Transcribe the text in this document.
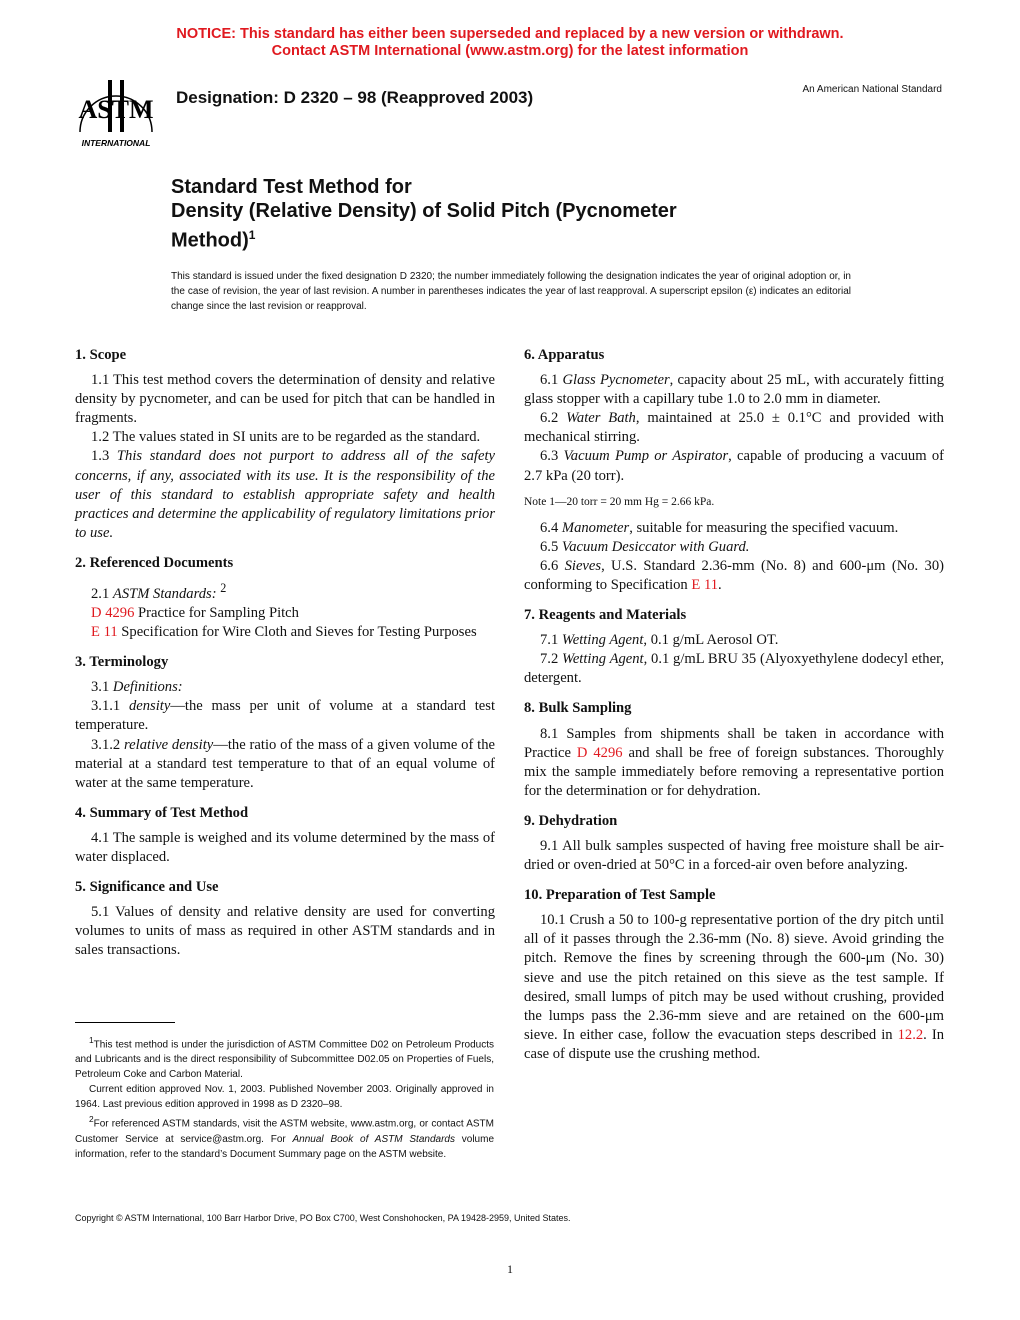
NOTICE: This standard has either been superseded and replaced by a new version or withdrawn.
Contact ASTM International (www.astm.org) for the latest information
ASTM
INTERNATIONAL
Designation: D 2320 – 98 (Reapproved 2003)	An American National Standard
Standard Test Method for
Density (Relative Density) of Solid Pitch (Pycnometer
Method)$^1$
This standard is issued under the fixed designation D 2320; the number immediately following the designation indicates the year of original adoption or, in the case of revision, the year of last revision. A number in parentheses indicates the year of last reapproval. A superscript epsilon (ε) indicates an editorial change since the last revision or reapproval.
1. Scope

1.1 This test method covers the determination of density and relative density by pycnometer, and can be used for pitch that can be handled in fragments.

1.2 The values stated in SI units are to be regarded as the standard.

1.3 This standard does not purport to address all of the safety concerns, if any, associated with its use. It is the responsibility of the user of this standard to establish appropriate safety and health practices and determine the applicability of regulatory limitations prior to use.

2. Referenced Documents

2.1 ASTM Standards: $^2$

D 4296 Practice for Sampling Pitch

E 11 Specification for Wire Cloth and Sieves for Testing Purposes

3. Terminology

3.1 Definitions:

3.1.1 density—the mass per unit of volume at a standard test temperature.

3.1.2 relative density—the ratio of the mass of a given volume of the material at a standard test temperature to that of an equal volume of water at the same temperature.

4. Summary of Test Method

4.1 The sample is weighed and its volume determined by the mass of water displaced.

5. Significance and Use

5.1 Values of density and relative density are used for converting volumes to units of mass as required in other ASTM standards and in sales transactions.

6. Apparatus

6.1 Glass Pycnometer, capacity about 25 mL, with accurately fitting glass stopper with a capillary tube 1.0 to 2.0 mm in diameter.

6.2 Water Bath, maintained at 25.0 ± 0.1°C and provided with mechanical stirring.

6.3 Vacuum Pump or Aspirator, capable of producing a vacuum of 2.7 kPa (20 torr).

Note 1—20 torr = 20 mm Hg = 2.66 kPa.

6.4 Manometer, suitable for measuring the specified vacuum.

6.5 Vacuum Desiccator with Guard.

6.6 Sieves, U.S. Standard 2.36-mm (No. 8) and 600-μm (No. 30) conforming to Specification E 11.

7. Reagents and Materials

7.1 Wetting Agent, 0.1 g/mL Aerosol OT.

7.2 Wetting Agent, 0.1 g/mL BRU 35 (Alyoxyethylene dodecyl ether, detergent.

8. Bulk Sampling

8.1 Samples from shipments shall be taken in accordance with Practice D 4296 and shall be free of foreign substances. Thoroughly mix the sample immediately before removing a representative portion for the determination or for dehydration.

9. Dehydration

9.1 All bulk samples suspected of having free moisture shall be air-dried or oven-dried at 50°C in a forced-air oven before analyzing.

10. Preparation of Test Sample

10.1 Crush a 50 to 100-g representative portion of the dry pitch until all of it passes through the 2.36-mm (No. 8) sieve. Avoid grinding the pitch. Remove the fines by screening through the 600-μm (No. 30) sieve and use the pitch retained on this sieve as the test sample. If desired, small lumps of pitch may be used without crushing, provided the lumps pass the 2.36-mm sieve and are retained on the 600-μm sieve. In either case, follow the evacuation steps described in 12.2. In case of dispute use the crushing method.

$^1$This test method is under the jurisdiction of ASTM Committee D02 on Petroleum Products and Lubricants and is the direct responsibility of Subcommittee D02.05 on Properties of Fuels, Petroleum Coke and Carbon Material.

Current edition approved Nov. 1, 2003. Published November 2003. Originally approved in 1964. Last previous edition approved in 1998 as D 2320–98.

$^2$For referenced ASTM standards, visit the ASTM website, www.astm.org, or contact ASTM Customer Service at service@astm.org. For Annual Book of ASTM Standards volume information, refer to the standard’s Document Summary page on the ASTM website.

Copyright © ASTM International, 100 Barr Harbor Drive, PO Box C700, West Conshohocken, PA 19428-2959, United States.
1
